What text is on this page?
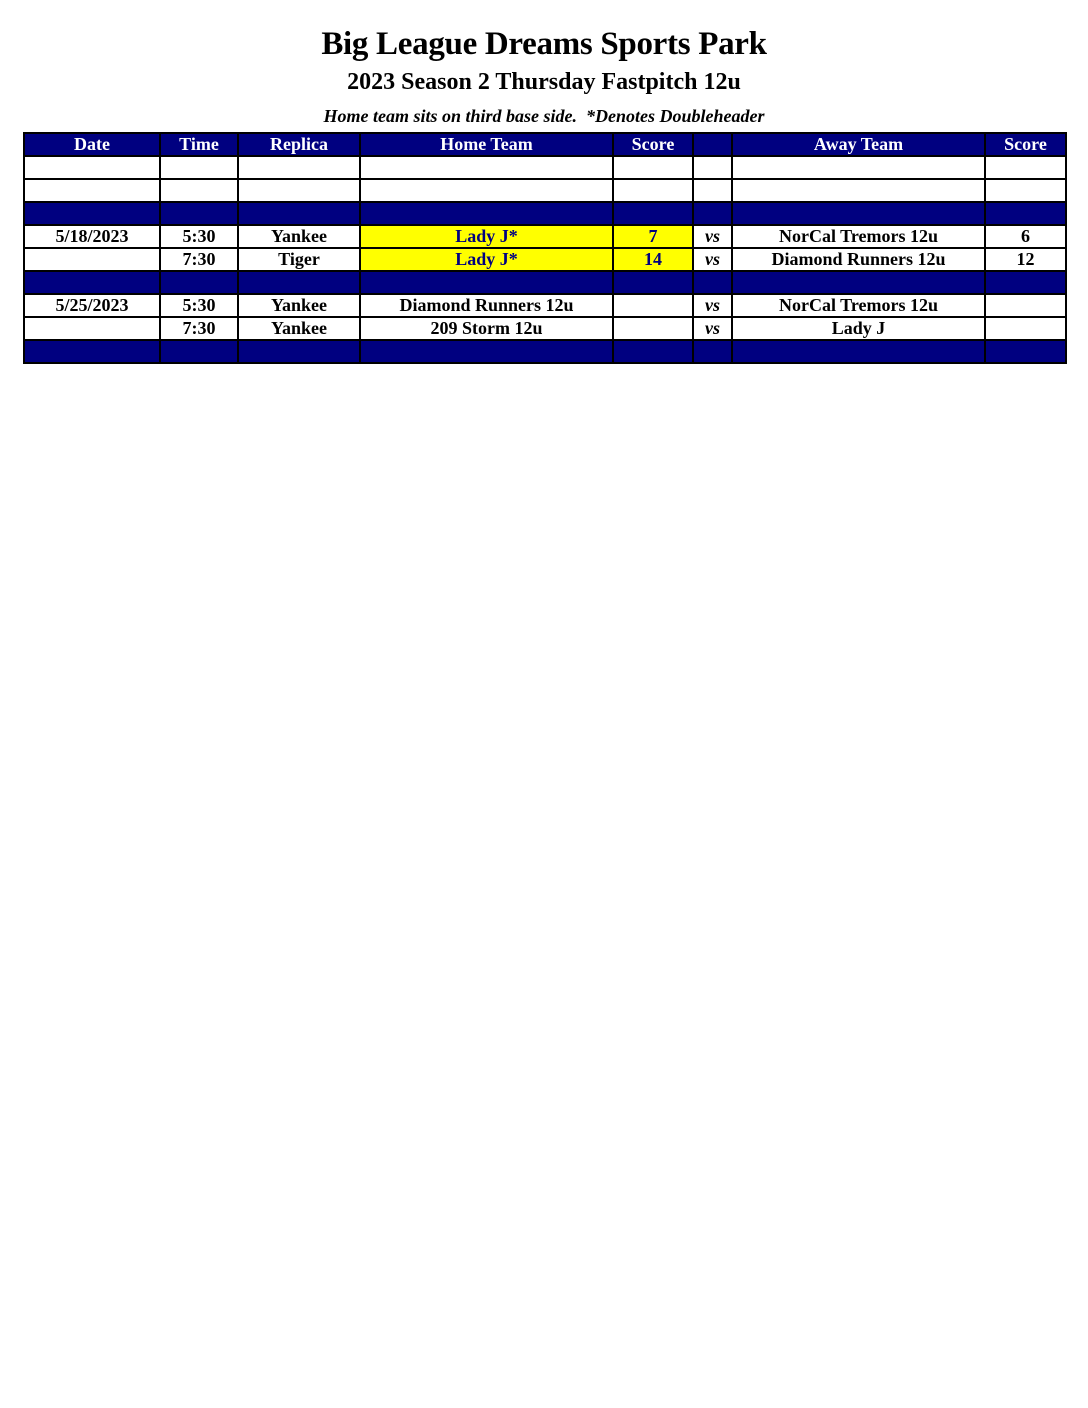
Big League Dreams Sports Park
2023 Season 2 Thursday Fastpitch 12u
Home team sits on third base side.  *Denotes Doubleheader
Date	Time	Replica	Home Team	Score		Away Team	Score

5/18/2023	5:30	Yankee	Lady J*	7	vs	NorCal Tremors 12u	6
	7:30	Tiger	Lady J*	14	vs	Diamond Runners 12u	12

5/25/2023	5:30	Yankee	Diamond Runners 12u		vs	NorCal Tremors 12u	
	7:30	Yankee	209 Storm 12u		vs	Lady J	
